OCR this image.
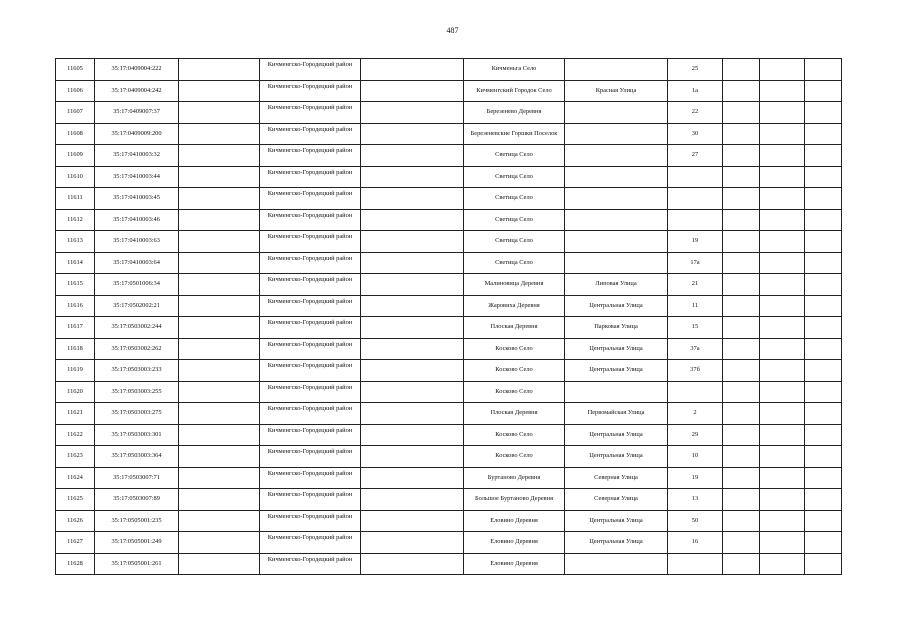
487
11605	35:17:0409004:222		Кичменгско-Городецкий район		Кичменьга Село		25			
11606	35:17:0409004:242		Кичменгско-Городецкий район		Кичменгский Городок Село	Красная Улица	1а			
11607	35:17:0409007:37		Кичменгско-Городецкий район		Березенево Деревня		22			
11608	35:17:0409009:200		Кичменгско-Городецкий район		Березеневские Горшки Поселок		30			
11609	35:17:0410003:32		Кичменгско-Городецкий район		Светица Село		27			
11610	35:17:0410003:44		Кичменгско-Городецкий район		Светица Село					
11611	35:17:0410003:45		Кичменгско-Городецкий район		Светица Село					
11612	35:17:0410003:46		Кичменгско-Городецкий район		Светица Село					
11613	35:17:0410003:63		Кичменгско-Городецкий район		Светица Село		19			
11614	35:17:0410003:64		Кичменгско-Городецкий район		Светица Село		17а			
11615	35:17:0501006:34		Кичменгско-Городецкий район		Малиновица Деревня	Липовая Улица	21			
11616	35:17:0502002:21		Кичменгско-Городецкий район		Жаровиха Деревня	Центральная Улица	11			
11617	35:17:0503002:244		Кичменгско-Городецкий район		Плоская Деревня	Парковая Улица	15			
11618	35:17:0503002:262		Кичменгско-Городецкий район		Косково Село	Центральная Улица	37а			
11619	35:17:0503003:233		Кичменгско-Городецкий район		Косково Село	Центральная Улица	37б			
11620	35:17:0503003:255		Кичменгско-Городецкий район		Косково Село					
11621	35:17:0503003:275		Кичменгско-Городецкий район		Плоская Деревня	Первомайская Улица	2			
11622	35:17:0503003:301		Кичменгско-Городецкий район		Косково Село	Центральная Улица	29			
11623	35:17:0503003:364		Кичменгско-Городецкий район		Косково Село	Центральная Улица	10			
11624	35:17:0503007:71		Кичменгско-Городецкий район		Буртаново Деревня	Северная Улица	19			
11625	35:17:0503007:89		Кичменгско-Городецкий район		Большое Буртаново Деревня	Северная Улица	13			
11626	35:17:0505001:235		Кичменгско-Городецкий район		Еловино Деревня	Центральная Улица	50			
11627	35:17:0505001:249		Кичменгско-Городецкий район		Еловино Деревня	Центральная Улица	16			
11628	35:17:0505001:261		Кичменгско-Городецкий район		Еловино Деревня					
